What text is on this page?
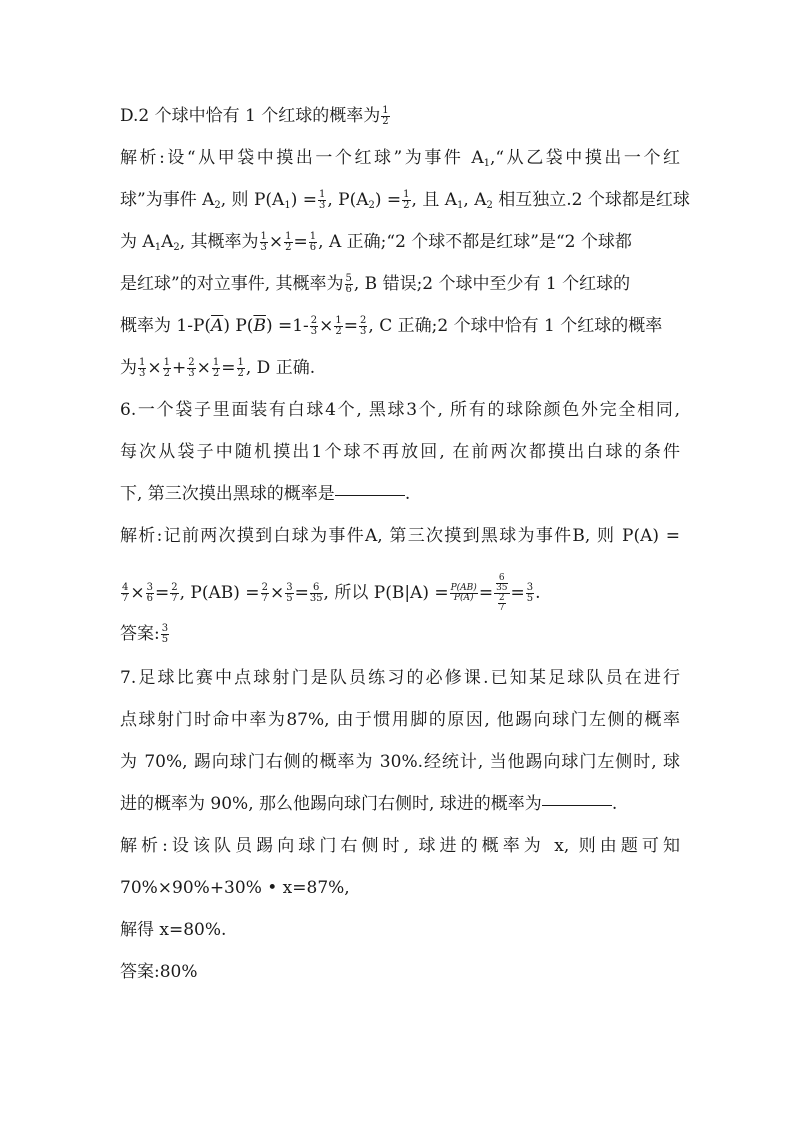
D.2 个球中恰有 1 个红球的概率为 $\frac{1}{2}$
解析:设“从甲袋中摸出一个红球”为事件 $A_1,“$从乙袋中摸出一个红
球”为事件 $A_2$, 则 $P(A_1) = \frac{1}{3}$ , $P(A_2) = \frac{1}{2}$ , 且 $A_1$, $A_2$ 相互独立.2 个球都是红球
为 $A_1A_2$, 其概率为 $\frac{1}{3} \times \frac{1}{2} = \frac{1}{6}$ , A 正确;“2 个球不都是红球”是“2 个球都
是红球”的对立事件, 其概率为 $\frac{5}{6}$ , B 错误;2 个球中至少有 1 个红球的
概率为 $1-P(\overline{A})$ $P(\overline{B}) =1- \frac{2}{3} \times \frac{1}{2} = \frac{2}{3}$ , C 正确;2 个球中恰有 1 个红球的概率
为 $\frac{1}{3} \times \frac{1}{2} + \frac{2}{3} \times \frac{1}{2} = \frac{1}{2}$ , D 正确.
6.一个袋子里面装有白球4个, 黑球3个, 所有的球除颜色外完全相同,
每次从袋子中随机摸出1个球不再放回, 在前两次都摸出白球的条件
下, 第三次摸出黑球的概率是	.
解析:记前两次摸到白球为事件A, 第三次摸到黑球为事件B, 则 P(A) =
$\frac{4}{7} \times \frac{3}{6} = \frac{2}{7}$ , $P(AB) = \frac{2}{7} \times \frac{3}{5} = \frac{6}{35}$ , 所以 $P(B|A) = \frac{P(AB)}{P(A)} = \frac{\frac{6}{35}}{\frac{2}{7}} = \frac{3}{5}$ .
答案: $\frac{3}{5}$
7.足球比赛中点球射门是队员练习的必修课.已知某足球队员在进行
点球射门时命中率为87%, 由于惯用脚的原因, 他踢向球门左侧的概率
为 70%, 踢向球门右侧的概率为 30%.经统计, 当他踢向球门左侧时, 球
进的概率为 90%, 那么他踢向球门右侧时, 球进的概率为	.
解析:设该队员踢向球门右侧时, 球进的概率为 x, 则由题可知
70%×90%+30% • x=87%,
解得 x=80%.
答案:80%
